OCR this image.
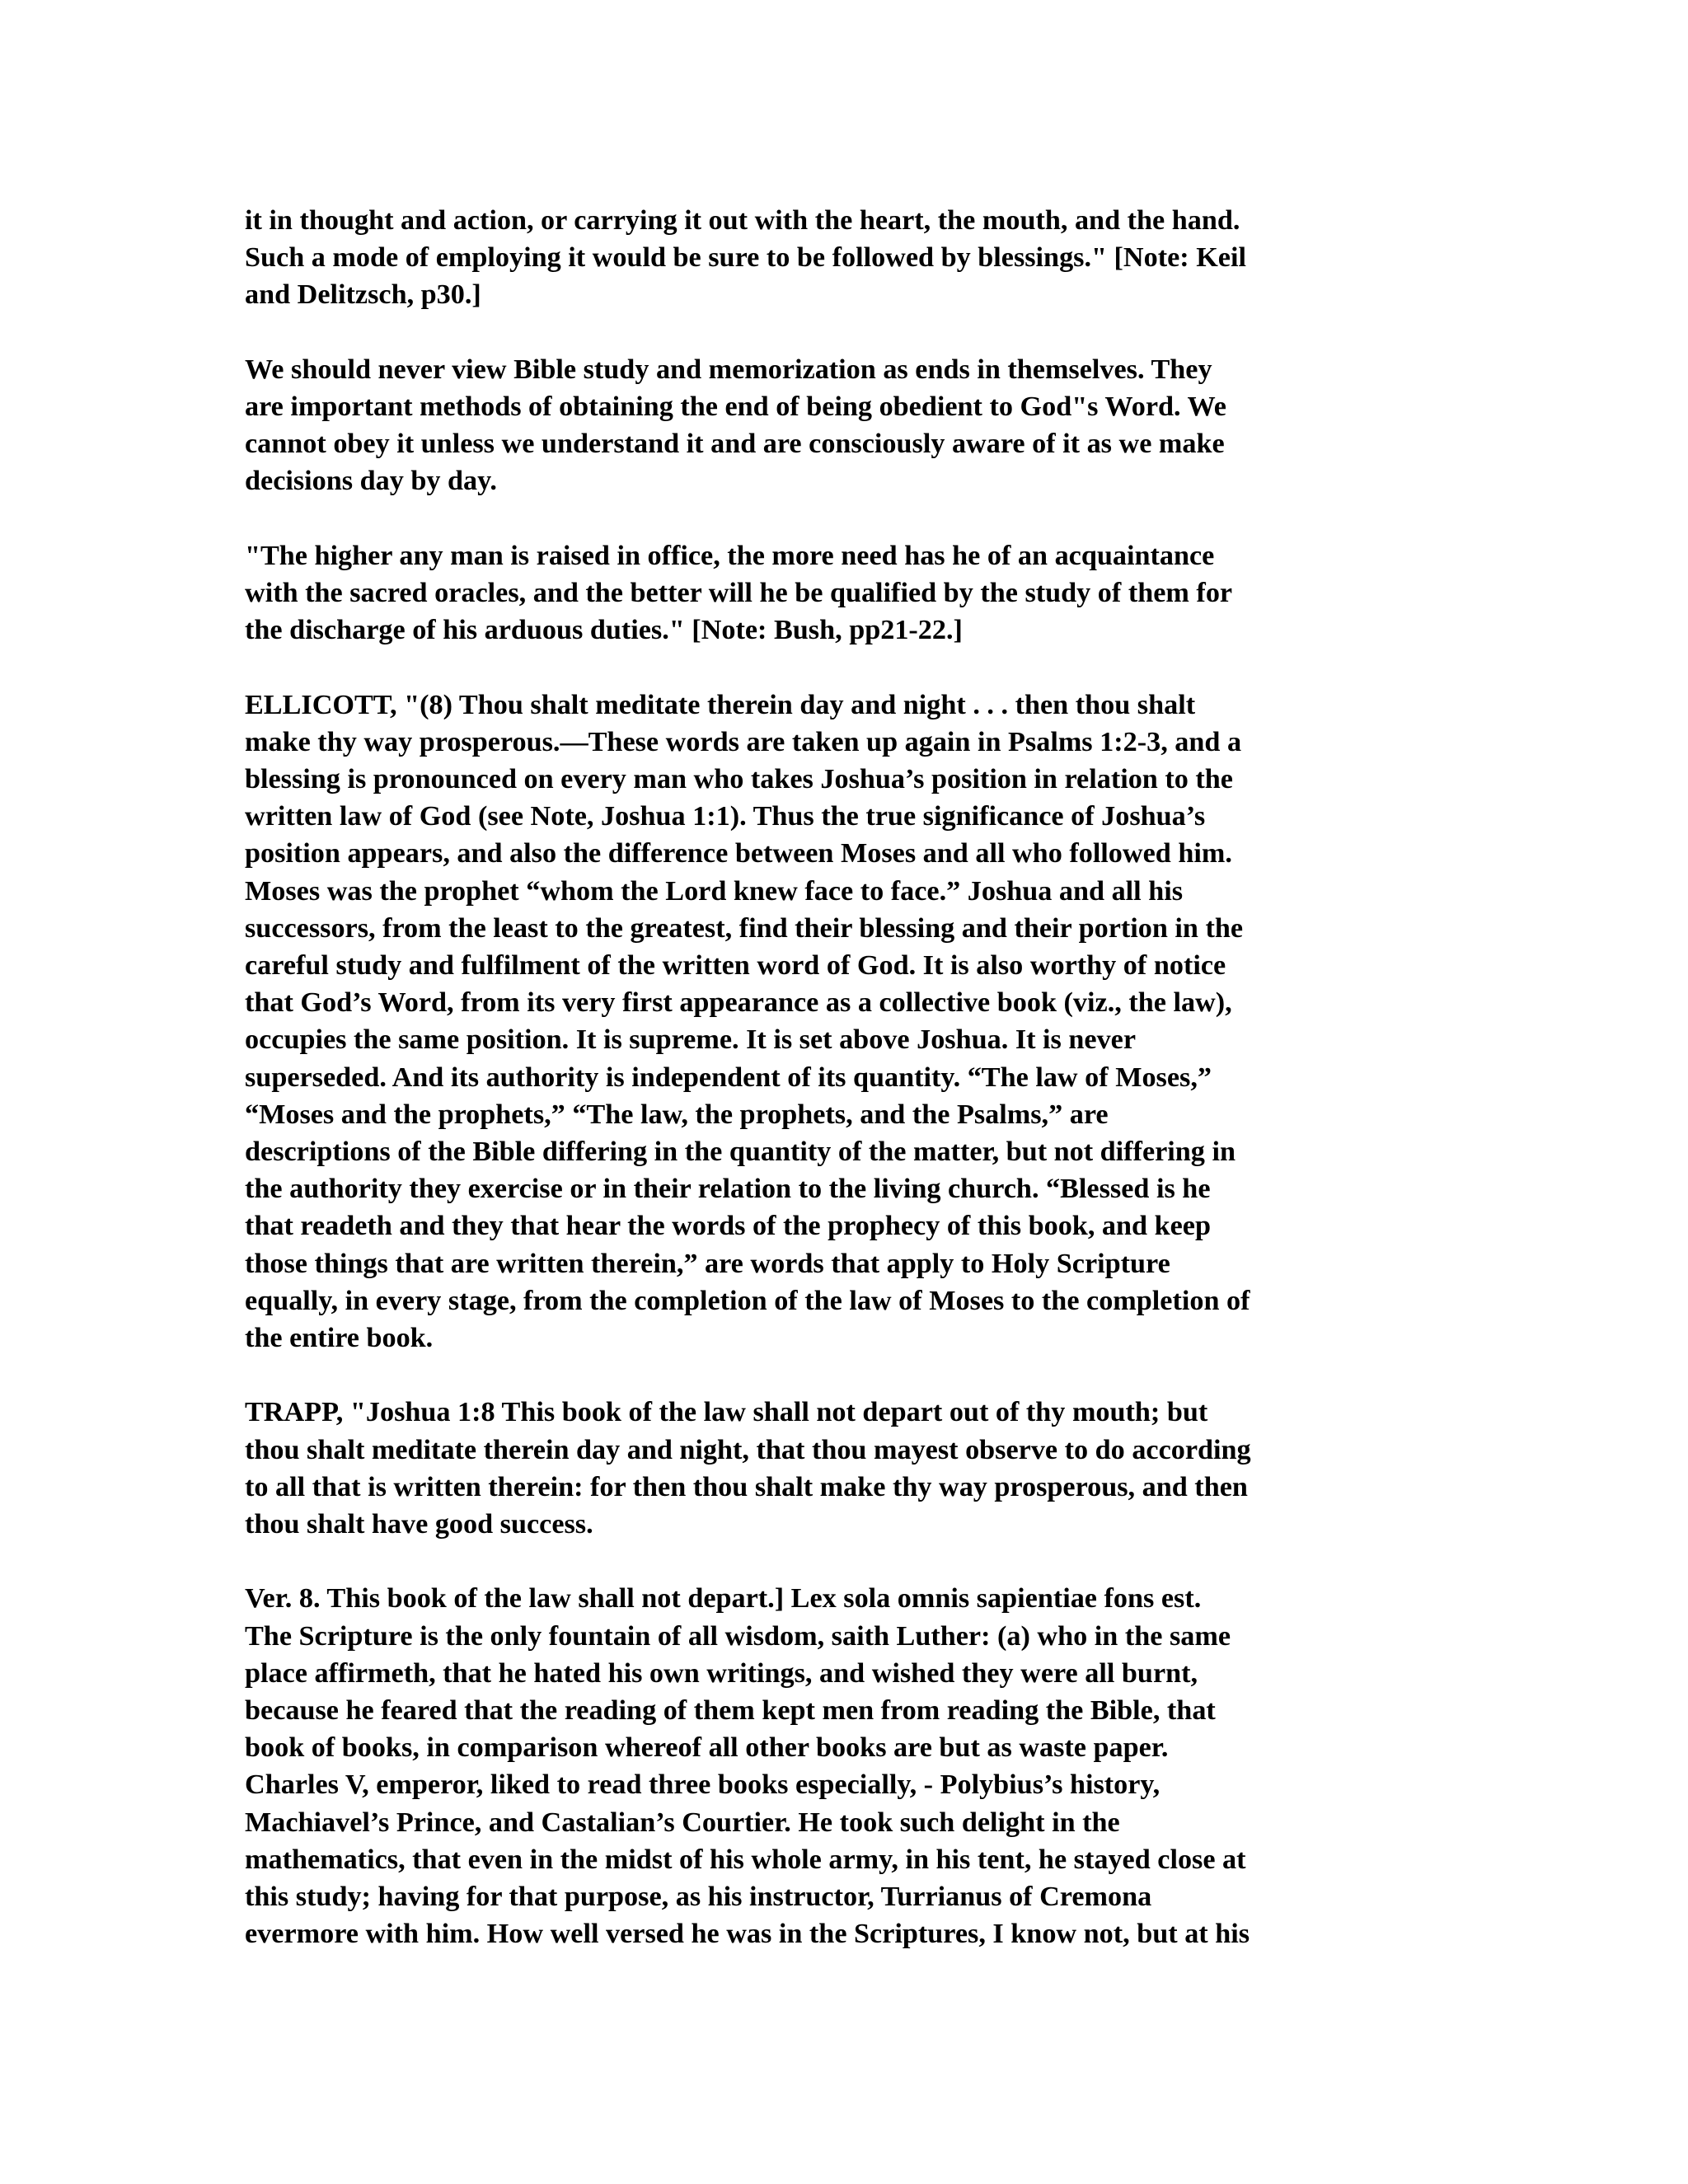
it in thought and action, or carrying it out with the heart, the mouth, and the hand.
Such a mode of employing it would be sure to be followed by blessings." [Note: Keil
and Delitzsch, p30.]
We should never view Bible study and memorization as ends in themselves. They
are important methods of obtaining the end of being obedient to God"s Word. We
cannot obey it unless we understand it and are consciously aware of it as we make
decisions day by day.
"The higher any man is raised in office, the more need has he of an acquaintance
with the sacred oracles, and the better will he be qualified by the study of them for
the discharge of his arduous duties." [Note: Bush, pp21-22.]
ELLICOTT, "(8) Thou shalt meditate therein day and night . . . then thou shalt
make thy way prosperous.—These words are taken up again in Psalms 1:2-3, and a
blessing is pronounced on every man who takes Joshua’s position in relation to the
written law of God (see Note, Joshua 1:1). Thus the true significance of Joshua’s
position appears, and also the difference between Moses and all who followed him.
Moses was the prophet “whom the Lord knew face to face.” Joshua and all his
successors, from the least to the greatest, find their blessing and their portion in the
careful study and fulfilment of the written word of God. It is also worthy of notice
that God’s Word, from its very first appearance as a collective book (viz., the law),
occupies the same position. It is supreme. It is set above Joshua. It is never
superseded. And its authority is independent of its quantity. “The law of Moses,”
“Moses and the prophets,” “The law, the prophets, and the Psalms,” are
descriptions of the Bible differing in the quantity of the matter, but not differing in
the authority they exercise or in their relation to the living church. “Blessed is he
that readeth and they that hear the words of the prophecy of this book, and keep
those things that are written therein,” are words that apply to Holy Scripture
equally, in every stage, from the completion of the law of Moses to the completion of
the entire book.
TRAPP, "Joshua 1:8 This book of the law shall not depart out of thy mouth; but
thou shalt meditate therein day and night, that thou mayest observe to do according
to all that is written therein: for then thou shalt make thy way prosperous, and then
thou shalt have good success.
Ver. 8. This book of the law shall not depart.] Lex sola omnis sapientiae fons est.
The Scripture is the only fountain of all wisdom, saith Luther: (a) who in the same
place affirmeth, that he hated his own writings, and wished they were all burnt,
because he feared that the reading of them kept men from reading the Bible, that
book of books, in comparison whereof all other books are but as waste paper.
Charles V, emperor, liked to read three books especially, - Polybius’s history,
Machiavel’s Prince, and Castalian’s Courtier. He took such delight in the
mathematics, that even in the midst of his whole army, in his tent, he stayed close at
this study; having for that purpose, as his instructor, Turrianus of Cremona
evermore with him. How well versed he was in the Scriptures, I know not, but at his
